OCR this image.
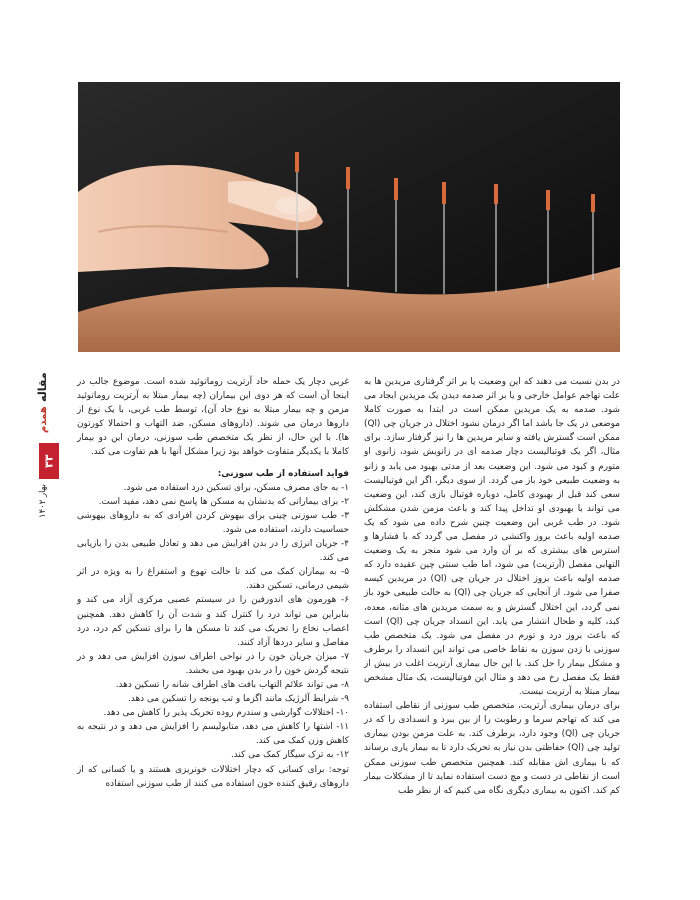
مقاله
همدم
۳۳
بهار ۱۴۰۲

در بدن نسبت می دهند که این وضعیت یا بر اثر گرفتاری مریدین ها به علت تهاجم عوامل خارجی و یا بر اثر صدمه دیدن یک مریدین ایجاد می شود. صدمه به یک مریدین ممکن است در ابتدا به صورت کاملا موضعی در یک جا باشد اما اگر درمان نشود اختلال در جریان چی (Ql) ممکن است گسترش یافته و سایر مریدین ها را نیز گرفتار سازد. برای مثال، اگر یک فوتبالیست دچار صدمه ای در زانویش شود، زانوی او متورم و کبود می شود. این وضعیت بعد از مدتی بهبود می یابد و زانو به وضعیت طبیعی خود باز می گردد. از سوی دیگر، اگر این فوتبالیست سعی کند قبل از بهبودی کامل، دوباره فوتبال بازی کند، این وضعیت می تواند با بهبودی او تداخل پیدا کند و باعث مزمن شدن مشکلش شود. در طب غربی این وضعیت چنین شرح داده می شود که یک صدمه اولیه باعث بروز واکنشی در مفصل می گردد که با فشارها و استرس های بیشتری که بر آن وارد می شود منجر به یک وضعیت التهابی مفصل (آرتریت) می شود، اما طب سنتی چین عقیده دارد که صدمه اولیه باعث بروز اختلال در جریان چی (Ql) در مریدین کیسه صفرا می شود. از آنجایی که جریان چی (Ql) به حالت طبیعی خود باز نمی گردد، این اختلال گسترش و به سمت مریدین های مثانه، معده، کبد، کلیه و طحال انتشار می یابد. این انسداد جریان چی (Ql) است که باعث بروز درد و تورم در مفصل می شود. یک متخصص طب سوزنی با زدن سوزن به نقاط خاصی می تواند این انسداد را برطرف و مشکل بیمار را حل کند. با این حال بیماری آرتریت اغلب در بیش از فقط یک مفصل رخ می دهد و مثال این فوتبالیست، یک مثال مشخص بیمار مبتلا به آرتریت نیست.

برای درمان بیماری آرتریت، متخصص طب سوزنی از نقاطی استفاده می کند که تهاجم سرما و رطوبت را از بین ببرد و انسدادی را که در جریان چی (Ql) وجود دارد، برطرف کند. به علت مزمن بودن بیماری تولید چی (Ql) حفاظتی بدن نیاز به تحریک دارد تا به بیمار یاری برساند که با بیماری اش مقابله کند. همچنین متخصص طب سوزنی ممکن است از نقاطی در دست و مچ دست استفاده نماید تا از مشکلات بیمار کم کند. اکنون به بیماری دیگری نگاه می کنیم که از نظر طب

غربی دچار یک حمله حاد آرتریت روماتوئید شده است. موضوع جالب در اینجا آن است که هر دوی این بیماران (چه بیمار مبتلا به آرتریت روماتوئید مزمن و چه بیمار مبتلا به نوع حاد آن)، توسط طب غربی، با یک نوع از داروها درمان می شوند. (داروهای مسکن، ضد التهاب و احتمالا کورتون ها). با این حال، از نظر یک متخصص طب سوزنی، درمان این دو بیمار کاملا با یکدیگر متفاوت خواهد بود زیرا مشکل آنها با هم تفاوت می کند.

فواید استفاده از طب سوزنی:

۱- به جای مصرف مسکن، برای تسکین درد استفاده می شود.

۲- برای بیمارانی که بدنشان به مسکن ها پاسخ نمی دهد، مفید است.

۳- طب سوزنی چینی برای بیهوش کردن افرادی که به داروهای بیهوشی حساسیت دارند، استفاده می شود.

۴- جریان انرژی را در بدن افزایش می دهد و تعادل طبیعی بدن را بازیابی می کند.

۵- به بیماران کمک می کند تا حالت تهوع و استفراغ را به ویژه در اثر شیمی درمانی، تسکین دهند.

۶- هورمون های اندورفین را در سیستم عصبی مرکزی آزاد می کند و بنابراین می تواند درد را کنترل کند و شدت آن را کاهش دهد. همچنین اعصاب نخاع را تحریک می کند تا مسکن ها را برای تسکین کم درد، درد مفاصل و سایر دردها آزاد کنند.

۷- میزان جریان خون را در نواحی اطراف سوزن افزایش می دهد و در نتیجه گردش خون را در بدن بهبود می بخشد.

۸- می تواند علائم التهاب بافت های اطراف شانه را تسکین دهد.

۹- شرایط آلرژیک مانند اگزما و تب یونجه را تسکین می دهد.

۱۰- اختلالات گوارشی و سندرم روده تحریک پذیر را کاهش می دهد.

۱۱- اشتها را کاهش می دهد، متابولیسم را افزایش می دهد و در نتیجه به کاهش وزن کمک می کند.

۱۲- به ترک سیگار کمک می کند.

توجه: برای کسانی که دچار اختلالات خونریزی هستند و یا کسانی که از داروهای رقیق کننده خون استفاده می کنند از طب سوزنی استفاده
